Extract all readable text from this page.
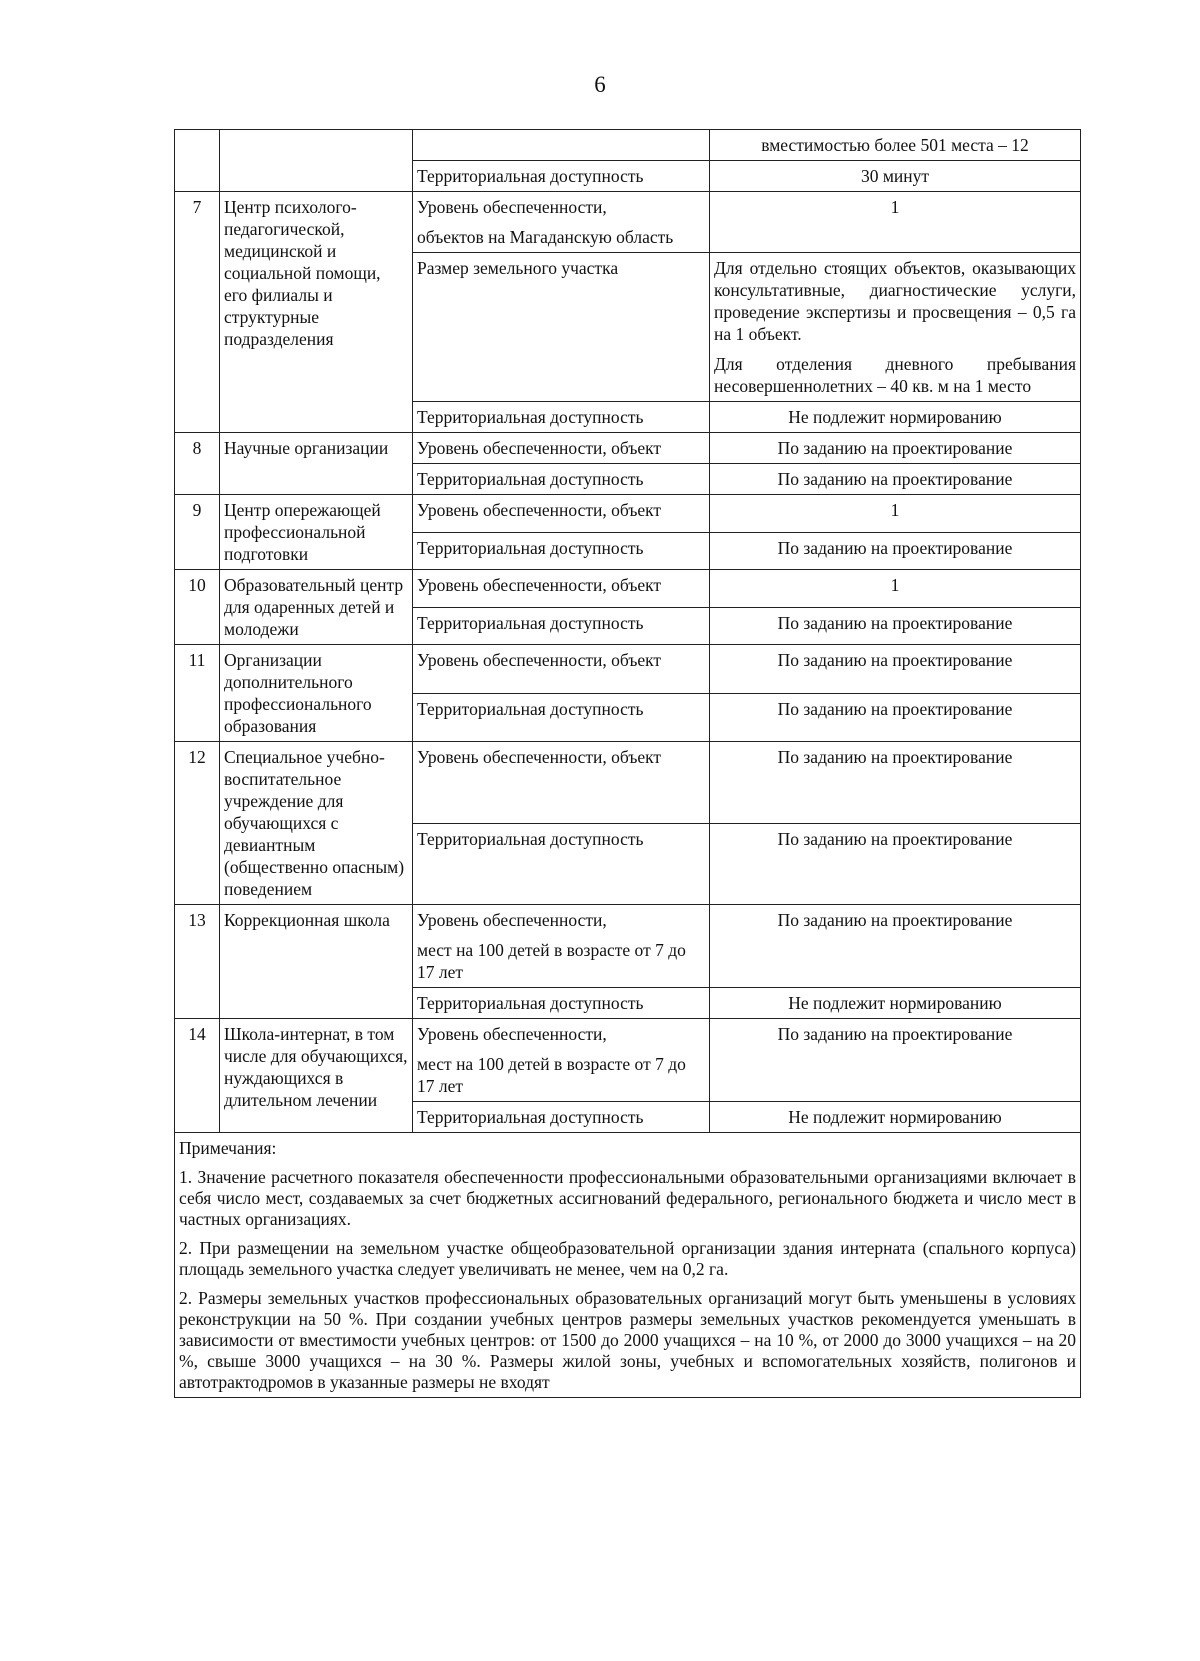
6
			вместимостью более 501 места – 12
		Территориальная доступность	30 минут
7	Центр психолого-педагогической, медицинской и социальной помощи, его филиалы и структурные подразделения	Уровень обеспеченности,
объектов на Магаданскую область	1
		Размер земельного участка	Для отдельно стоящих объектов, оказывающих консультативные, диагностические услуги, проведение экспертизы и просвещения – 0,5 га на 1 объект.
Для отделения дневного пребывания несовершеннолетних – 40 кв. м на 1 место

		Территориальная доступность	Не подлежит нормированию
8	Научные организации	Уровень обеспеченности, объект	По заданию на проектирование
		Территориальная доступность	По заданию на проектирование
9	Центр опережающей профессиональной подготовки	Уровень обеспеченности, объект	1
		Территориальная доступность	По заданию на проектирование
10	Образовательный центр для одаренных детей и молодежи	Уровень обеспеченности, объект	1
		Территориальная доступность	По заданию на проектирование
11	Организации дополнительного профессионального образования	Уровень обеспеченности, объект	По заданию на проектирование
		Территориальная доступность	По заданию на проектирование
12	Специальное учебно-воспитательное учреждение для обучающихся с девиантным (общественно опасным) поведением	Уровень обеспеченности, объект	По заданию на проектирование
		Территориальная доступность	По заданию на проектирование
13	Коррекционная школа	Уровень обеспеченности,
мест на 100 детей в возрасте от 7 до 17 лет	По заданию на проектирование
		Территориальная доступность	Не подлежит нормированию
14	Школа-интернат, в том числе для обучающихся, нуждающихся в длительном лечении	Уровень обеспеченности,
мест на 100 детей в возрасте от 7 до 17 лет	По заданию на проектирование
		Территориальная доступность	Не подлежит нормированию

Примечания:
1. Значение расчетного показателя обеспеченности профессиональными образовательными организациями включает в себя число мест, создаваемых за счет бюджетных ассигнований федерального, регионального бюджета и число мест в частных организациях.
2. При размещении на земельном участке общеобразовательной организации здания интерната (спального корпуса) площадь земельного участка следует увеличивать не менее, чем на 0,2 га.
2. Размеры земельных участков профессиональных образовательных организаций могут быть уменьшены в условиях реконструкции на 50 %. При создании учебных центров размеры земельных участков рекомендуется уменьшать в зависимости от вместимости учебных центров: от 1500 до 2000 учащихся – на 10 %, от 2000 до 3000 учащихся – на 20 %, свыше 3000 учащихся – на 30 %. Размеры жилой зоны, учебных и вспомогательных хозяйств, полигонов и автотрактодромов в указанные размеры не входят			
